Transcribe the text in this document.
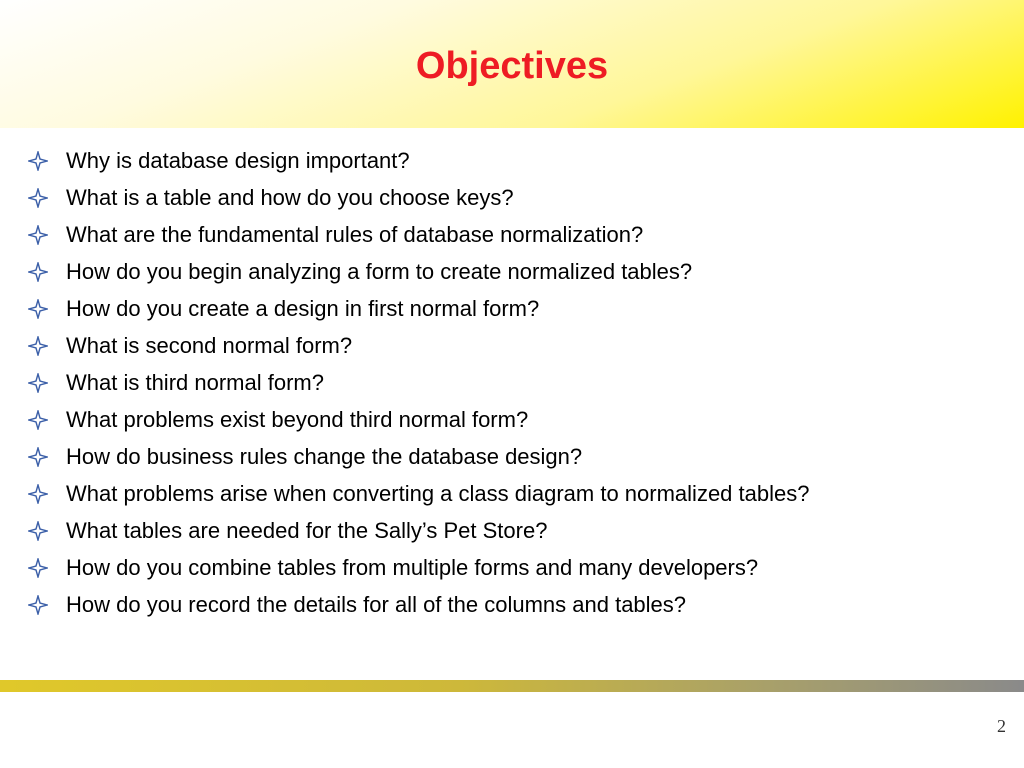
Objectives
Why is database design important?
What is a table and how do you choose keys?
What are the fundamental rules of database normalization?
How do you begin analyzing a form to create normalized tables?
How do you create a design in first normal form?
What is second normal form?
What is third normal form?
What problems exist beyond third normal form?
How do business rules change the database design?
What problems arise when converting a class diagram to normalized tables?
What tables are needed for the Sally’s Pet Store?
How do you combine tables from multiple forms and many developers?
How do you record the details for all of the columns and tables?
2
